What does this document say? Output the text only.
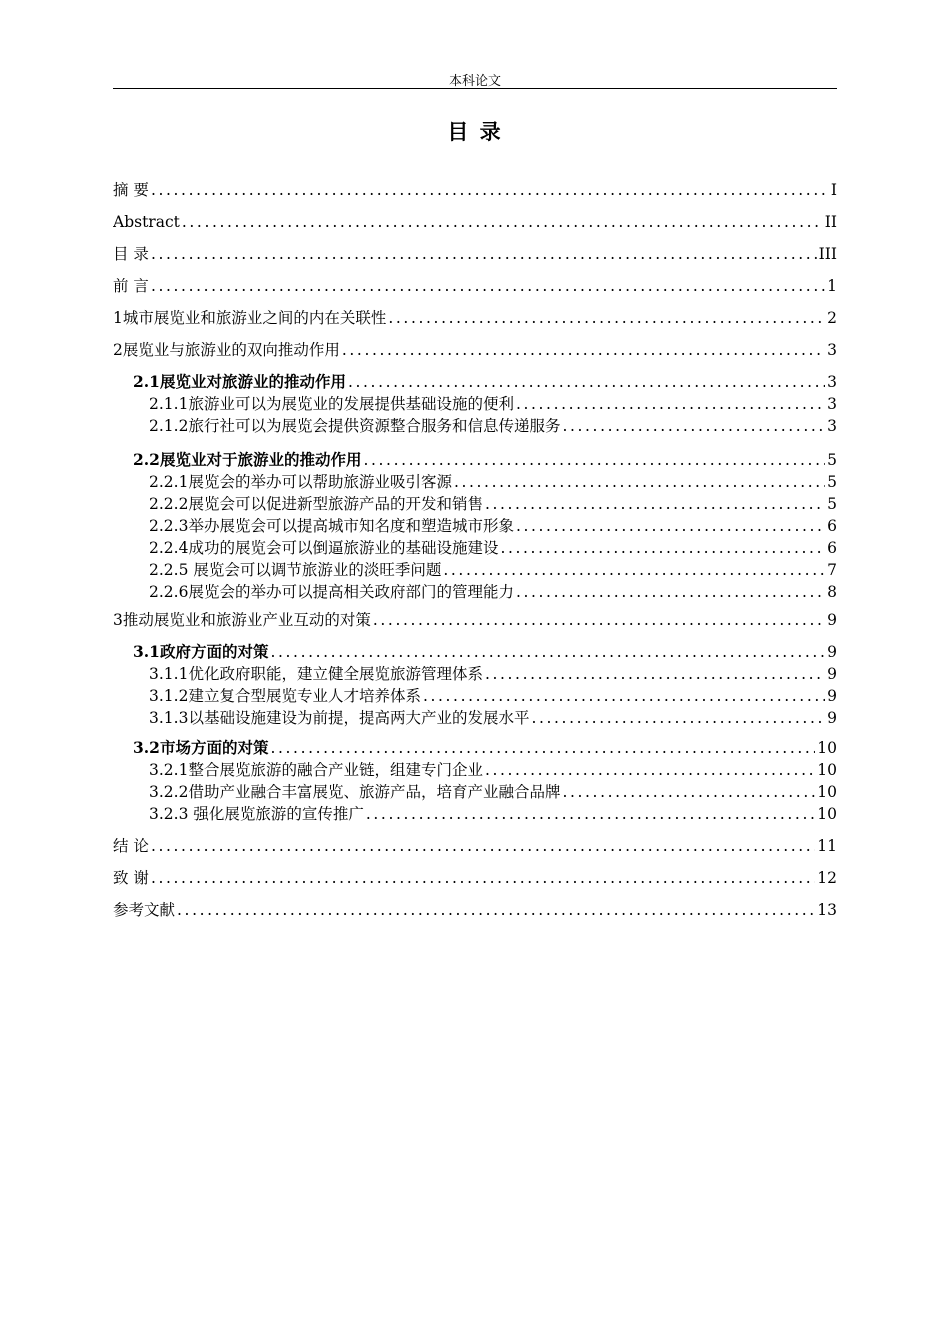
本科论文
目 录
摘 要 .....	I
Abstract .....	II
目 录 .....	III
前 言 .....	1
1城市展览业和旅游业之间的内在关联性 .....	2
2展览业与旅游业的双向推动作用 .....	3
2.1展览业对旅游业的推动作用 .....	3
2.1.1旅游业可以为展览业的发展提供基础设施的便利 .....	3
2.1.2旅行社可以为展览会提供资源整合服务和信息传递服务 .....	3
2.2展览业对于旅游业的推动作用 .....	5
2.2.1展览会的举办可以帮助旅游业吸引客源 .....	5
2.2.2展览会可以促进新型旅游产品的开发和销售 .....	5
2.2.3举办展览会可以提高城市知名度和塑造城市形象 .....	6
2.2.4成功的展览会可以倒逼旅游业的基础设施建设 .....	6
2.2.5 展览会可以调节旅游业的淡旺季问题 .....	7
2.2.6展览会的举办可以提高相关政府部门的管理能力 .....	8
3推动展览业和旅游业产业互动的对策 .....	9
3.1政府方面的对策 .....	9
3.1.1优化政府职能，建立健全展览旅游管理体系 .....	9
3.1.2建立复合型展览专业人才培养体系 .....	9
3.1.3以基础设施建设为前提，提高两大产业的发展水平 .....	9
3.2市场方面的对策 .....	10
3.2.1整合展览旅游的融合产业链，组建专门企业 .....	10
3.2.2借助产业融合丰富展览、旅游产品，培育产业融合品牌 .....	10
3.2.3 强化展览旅游的宣传推广 .....	10
结 论 .....	11
致 谢 .....	12
参考文献 .....	13
